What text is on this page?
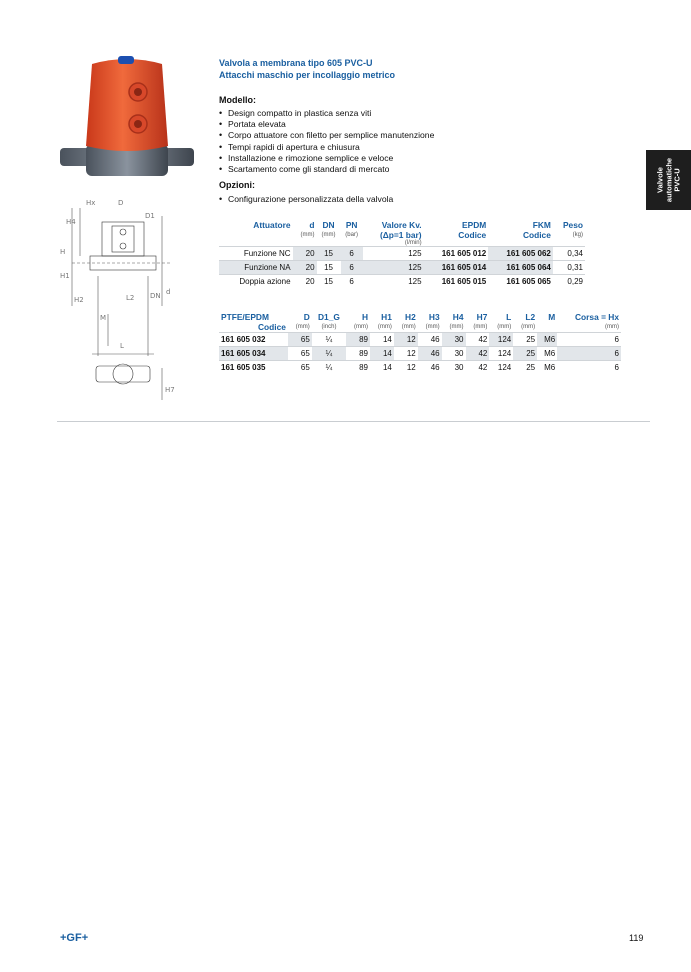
Hx	D
D1
H4
H
H1
H2	L2 DN d
M
L
H7
Valvola a membrana tipo 605 PVC-U
Attacchi maschio per incollaggio metrico
Valvole automatiche PVC-U
Modello:
• Design compatto in plastica senza viti
• Portata elevata
• Corpo attuatore con filetto per semplice manutenzione
• Tempi rapidi di apertura e chiusura
• Installazione e rimozione semplice e veloce
• Scartamento come gli standard di mercato
Opzioni:
• Configurazione personalizzata della valvola
Attuatore	d	DN	PN	Valore Kv.	EPDM	FKM	Peso
	(mm)	(mm)	(bar)	(Δp=1 bar)	Codice	Codice	(kg)
				(l/min)			
Funzione NC	20	15	6	125	161 605 012	161 605 062	0,34
Funzione NA	20	15	6	125	161 605 014	161 605 064	0,31
Doppia azione	20	15	6	125	161 605 015	161 605 065	0,29
PTFE/EPDM	D	D1_G	H	H1	H2	H3	H4	H7	L	L2	M	Corsa = Hx
Codice	(mm)	(inch)	(mm)	(mm)	(mm)	(mm)	(mm)	(mm)	(mm)	(mm)		(mm)
161 605 032	65	¼	89	14	12	46	30	42	124	25	M6	6
161 605 034	65	¼	89	14	12	46	30	42	124	25	M6	6
161 605 035	65	¼	89	14	12	46	30	42	124	25	M6	6
+GF+	119
